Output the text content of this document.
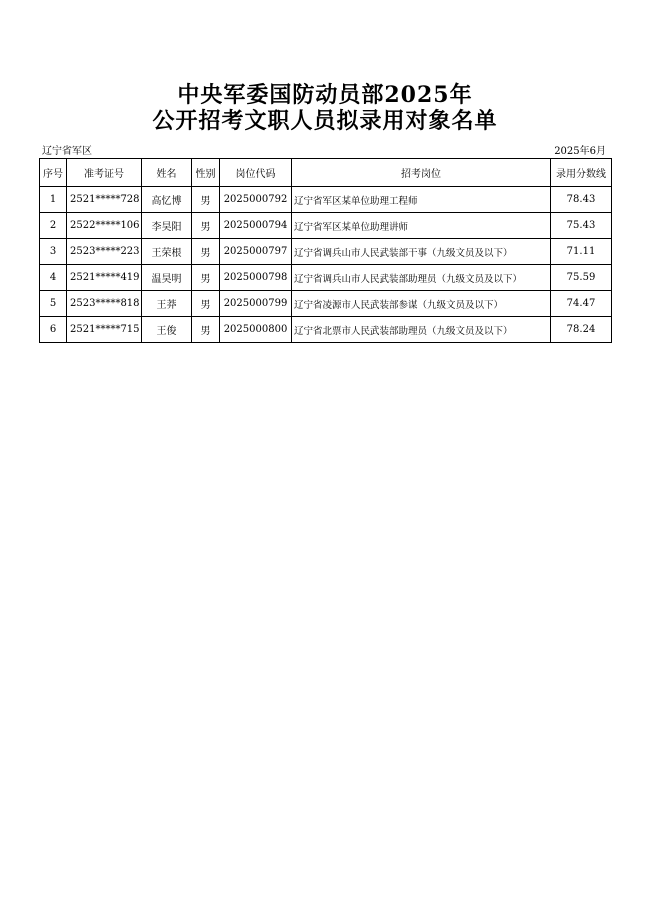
中央军委国防动员部2025年
公开招考文职人员拟录用对象名单
辽宁省军区	2025年6月
序号	准考证号	姓名	性别	岗位代码	招考岗位	录用分数线
1	2521*****728	高忆博	男	2025000792	辽宁省军区某单位助理工程师	78.43
2	2522*****106	李昊阳	男	2025000794	辽宁省军区某单位助理讲师	75.43
3	2523*****223	王荣根	男	2025000797	辽宁省调兵山市人民武装部干事（九级文员及以下）	71.11
4	2521*****419	温昊明	男	2025000798	辽宁省调兵山市人民武装部助理员（九级文员及以下）	75.59
5	2523*****818	王莽	男	2025000799	辽宁省凌源市人民武装部参谋（九级文员及以下）	74.47
6	2521*****715	王俊	男	2025000800	辽宁省北票市人民武装部助理员（九级文员及以下）	78.24
